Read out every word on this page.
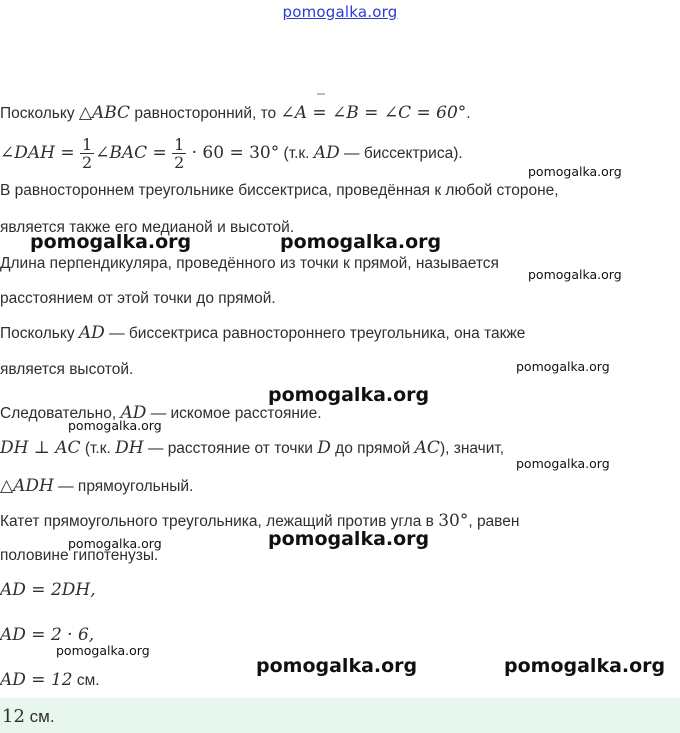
pomogalka.org
Поскольку △ABC равносторонний, то ∠A = ∠B = ∠C = 60°.
∠DAH = $\frac{1}{2}$ ∠BAC = $\frac{1}{2} \cdot 60 = 30^\circ$ (т.к. AD — биссектриса).
В равностороннем треугольнике биссектриса, проведённая к любой стороне,
является также его медианой и высотой.
Длина перпендикуляра, проведённого из точки к прямой, называется
расстоянием от этой точки до прямой.
Поскольку AD — биссектриса равностороннего треугольника, она также
является высотой.
Следовательно, AD — искомое расстояние.
DH ⊥ AC (т.к. DH — расстояние от точки D до прямой AC), значит,
△ADH — прямоугольный.
Катет прямоугольного треугольника, лежащий против угла в 30°, равен
половине гипотенузы.
AD = 2DH,
AD = 2 · 6,
AD = 12 см.
pomogalka.org
pomogalka.org	pomogalka.org
pomogalka.org
pomogalka.org
pomogalka.org
pomogalka.org
pomogalka.org
pomogalka.org
pomogalka.org
pomogalka.org
pomogalka.org	pomogalka.org
12 см.
